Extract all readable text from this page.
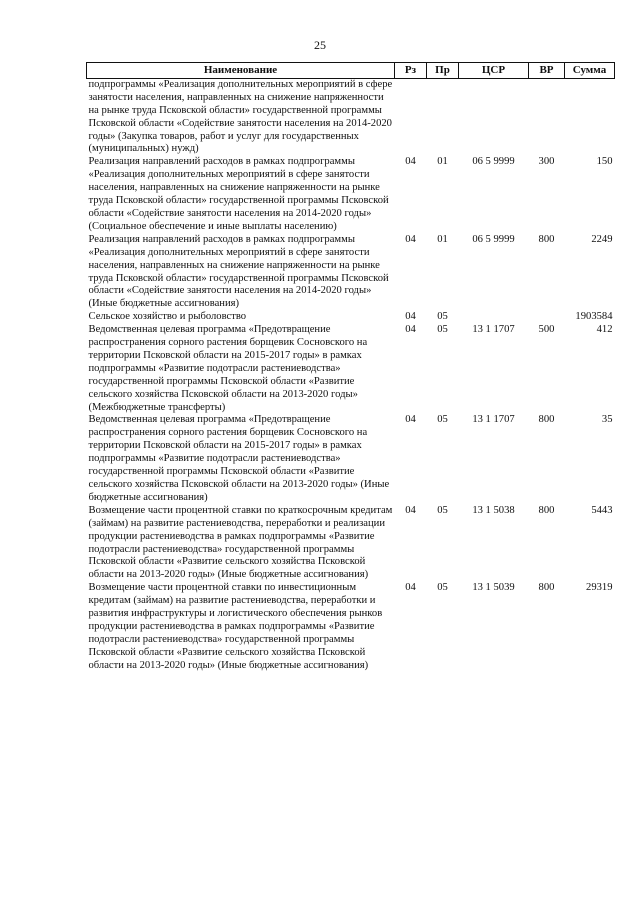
25
Наименование	Рз	Пр	ЦСР	ВР	Сумма
подпрограммы «Реализация дополнительных мероприятий в сфере занятости населения, направленных на снижение напряженности на рынке труда Псковской области» государственной программы Псковской области «Содействие занятости населения на 2014-2020 годы» (Закупка товаров, работ и услуг для государственных (муниципальных) нужд)					
Реализация направлений расходов в рамках подпрограммы «Реализация дополнительных мероприятий в сфере занятости населения, направленных на снижение напряженности на рынке труда Псковской области» государственной программы Псковской области «Содействие занятости населения на 2014-2020 годы» (Социальное обеспечение и иные выплаты населению)	04	01	06 5 9999	300	150
Реализация направлений расходов в рамках подпрограммы «Реализация дополнительных мероприятий в сфере занятости населения, направленных на снижение напряженности на рынке труда Псковской области» государственной программы Псковской области «Содействие занятости населения на 2014-2020 годы» (Иные бюджетные ассигнования)	04	01	06 5 9999	800	2249
Сельское хозяйство и рыболовство	04	05			1903584
Ведомственная целевая программа «Предотвращение распространения сорного растения борщевик Сосновского на территории Псковской области на 2015-2017 годы» в рамках подпрограммы «Развитие подотрасли растениеводства» государственной программы Псковской области «Развитие сельского хозяйства Псковской области на 2013-2020 годы» (Межбюджетные трансферты)	04	05	13 1 1707	500	412
Ведомственная целевая программа «Предотвращение распространения сорного растения борщевик Сосновского на территории Псковской области на 2015-2017 годы» в рамках подпрограммы «Развитие подотрасли растениеводства» государственной программы Псковской области «Развитие сельского хозяйства Псковской области на 2013-2020 годы» (Иные бюджетные ассигнования)	04	05	13 1 1707	800	35
Возмещение части процентной ставки по краткосрочным кредитам (займам) на развитие растениеводства, переработки и реализации продукции растениеводства в рамках подпрограммы «Развитие подотрасли растениеводства» государственной программы Псковской области «Развитие сельского хозяйства Псковской области на 2013-2020 годы» (Иные бюджетные ассигнования)	04	05	13 1 5038	800	5443
Возмещение части процентной ставки по инвестиционным кредитам (займам) на развитие растениеводства, переработки и развития инфраструктуры и логистического обеспечения рынков продукции растениеводства в рамках подпрограммы «Развитие подотрасли растениеводства» государственной программы Псковской области «Развитие сельского хозяйства Псковской области на 2013-2020 годы» (Иные бюджетные ассигнования)	04	05	13 1 5039	800	29319
